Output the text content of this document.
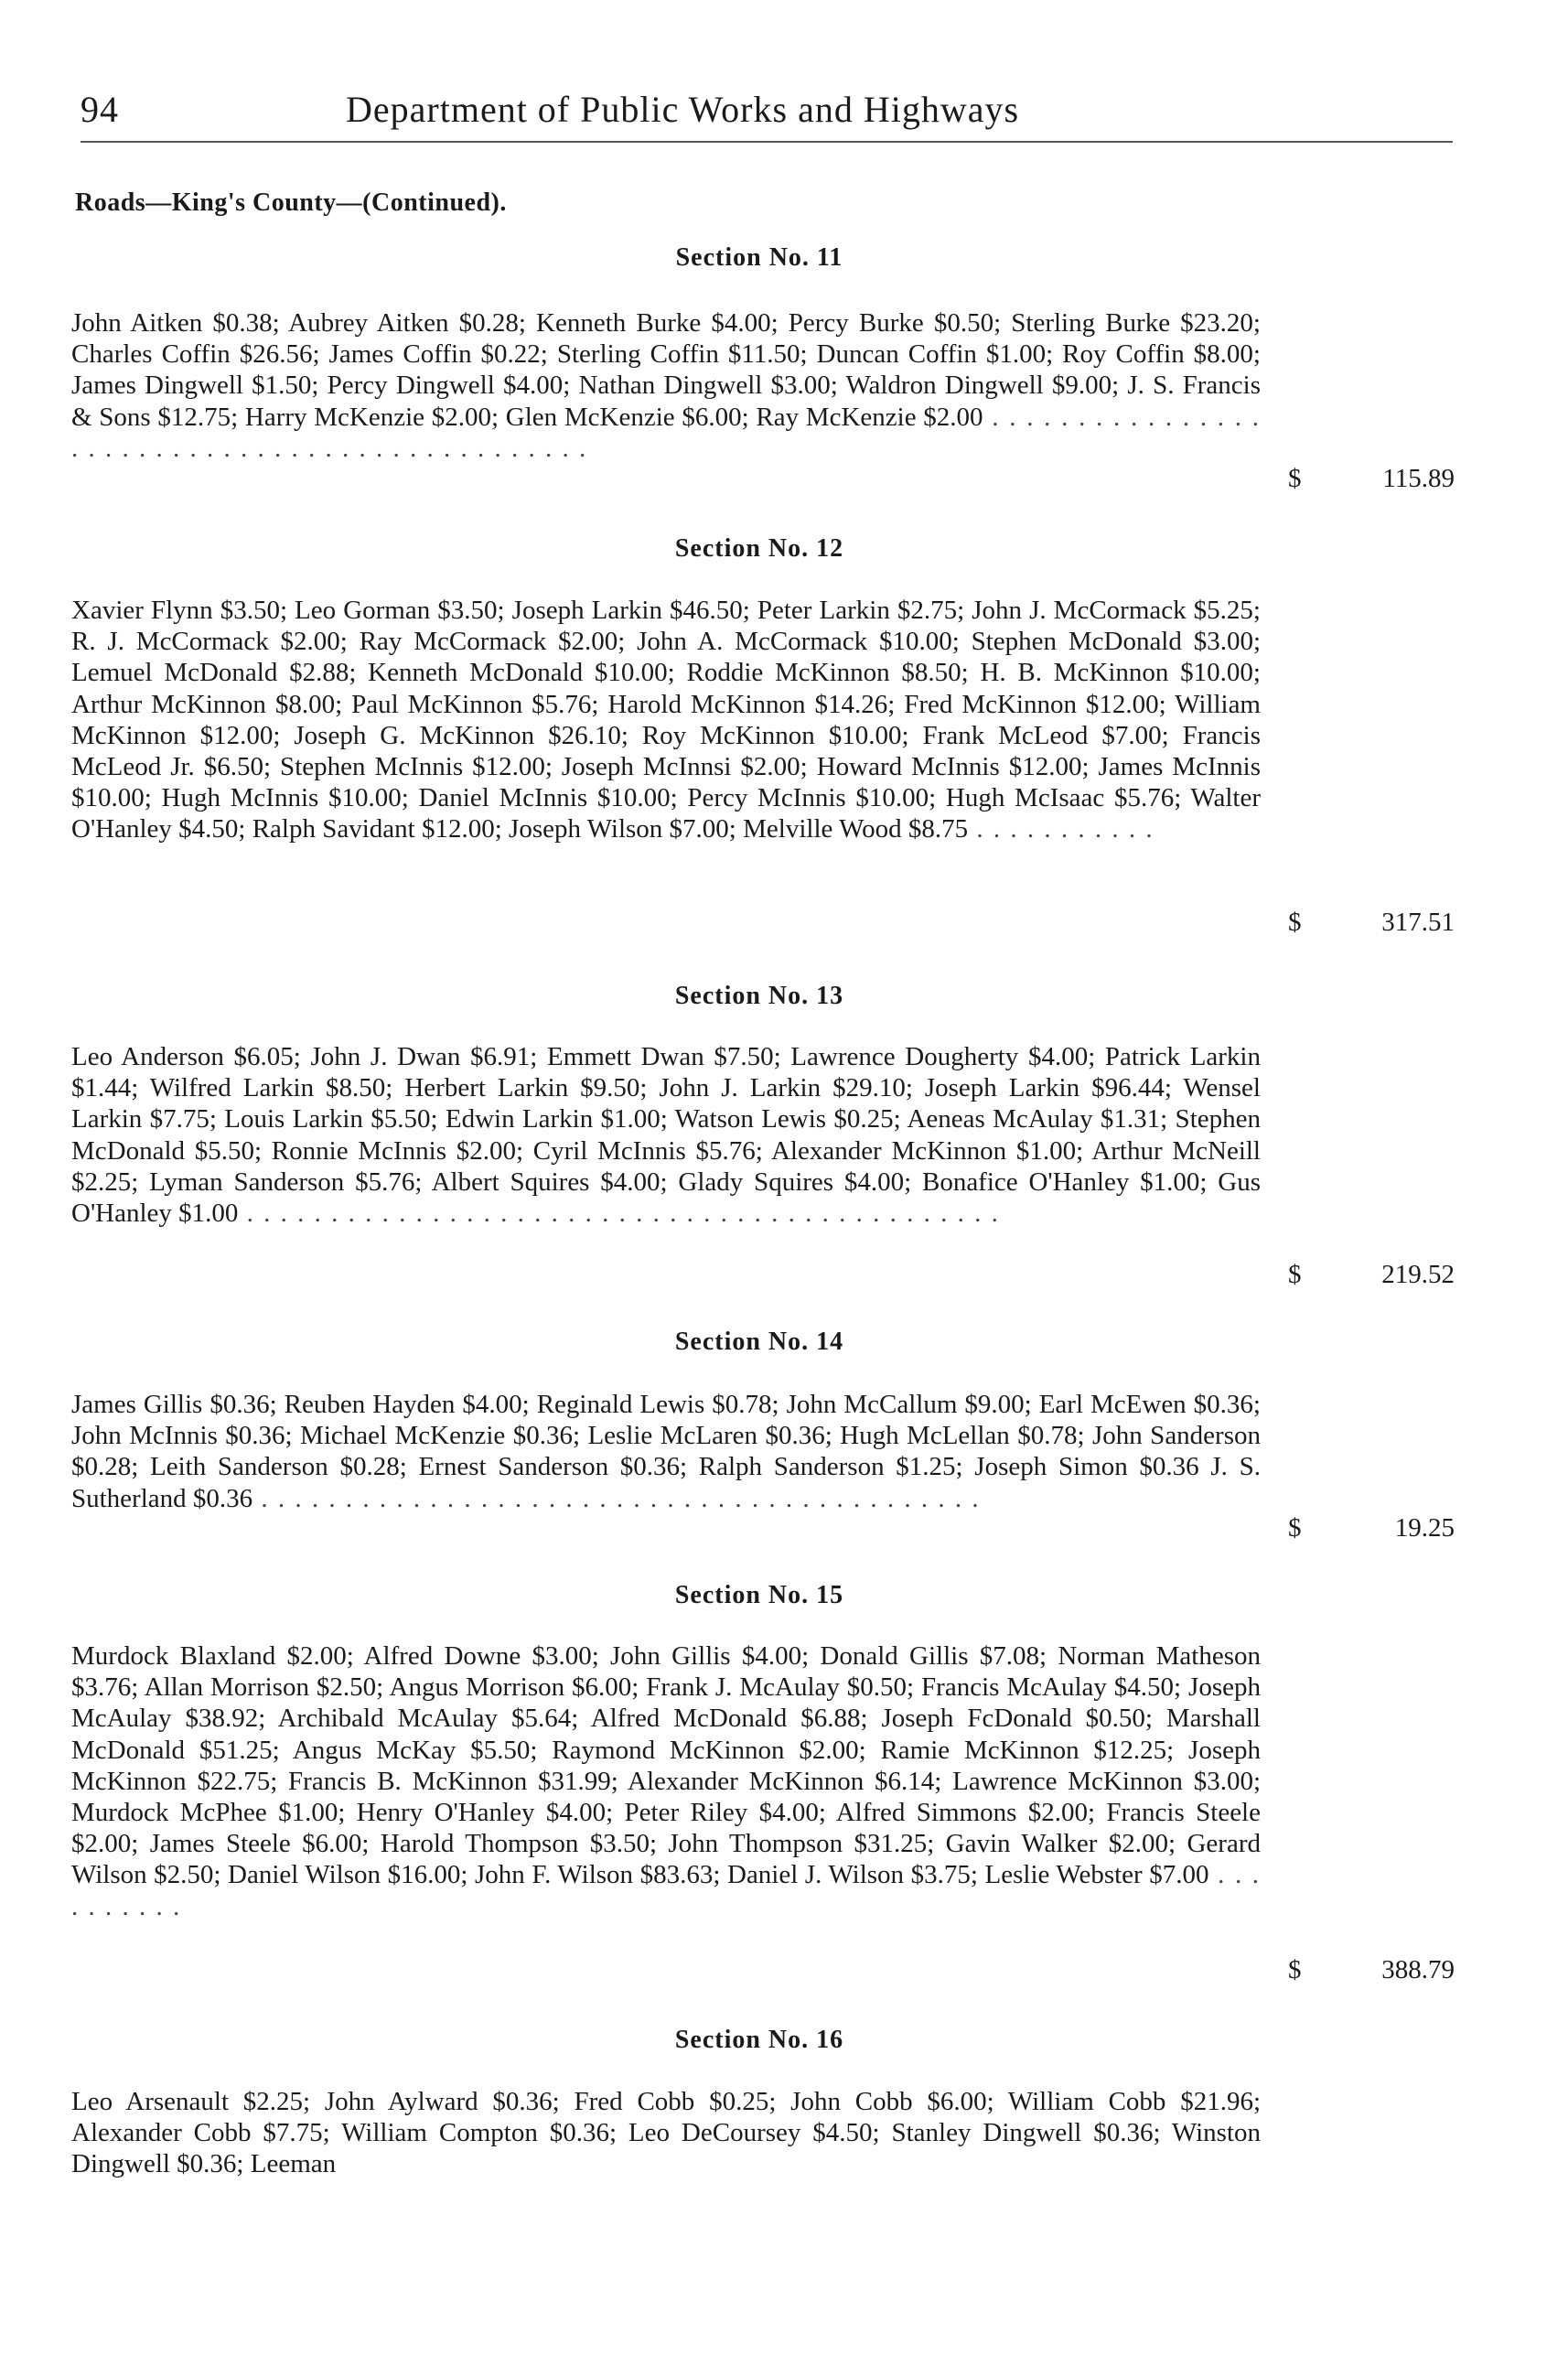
94	Department of Public Works and Highways
Roads—King's County—(Continued).
Section No. 11
John Aitken $0.38; Aubrey Aitken $0.28; Kenneth Burke $4.00; Percy Burke $0.50; Sterling Burke $23.20; Charles Coffin $26.56; James Coffin $0.22; Sterling Coffin $11.50; Duncan Coffin $1.00; Roy Coffin $8.00; James Dingwell $1.50; Percy Dingwell $4.00; Nathan Dingwell $3.00; Waldron Dingwell $9.00; J. S. Francis & Sons $12.75; Harry McKenzie $2.00; Glen McKenzie $6.00; Ray McKenzie $2.00 . . . . . . . . . . . . . . . . . . . . . . . . . . . . . . . . . . . . . . . . . . . . . . .
$	115.89
Section No. 12
Xavier Flynn $3.50; Leo Gorman $3.50; Joseph Larkin $46.50; Peter Larkin $2.75; John J. McCormack $5.25; R. J. McCormack $2.00; Ray McCormack $2.00; John A. McCormack $10.00; Stephen McDonald $3.00; Lemuel McDonald $2.88; Kenneth McDonald $10.00; Roddie McKinnon $8.50; H. B. McKinnon $10.00; Arthur McKinnon $8.00; Paul McKinnon $5.76; Harold McKinnon $14.26; Fred McKinnon $12.00; William McKinnon $12.00; Joseph G. McKinnon $26.10; Roy McKinnon $10.00; Frank McLeod $7.00; Francis McLeod Jr. $6.50; Stephen McInnis $12.00; Joseph McInnsi $2.00; Howard McInnis $12.00; James McInnis $10.00; Hugh McInnis $10.00; Daniel McInnis $10.00; Percy McInnis $10.00; Hugh McIsaac $5.76; Walter O'Hanley $4.50; Ralph Savidant $12.00; Joseph Wilson $7.00; Melville Wood $8.75 . . . . . . . . . . .
$	317.51
Section No. 13
Leo Anderson $6.05; John J. Dwan $6.91; Emmett Dwan $7.50; Lawrence Dougherty $4.00; Patrick Larkin $1.44; Wilfred Larkin $8.50; Herbert Larkin $9.50; John J. Larkin $29.10; Joseph Larkin $96.44; Wensel Larkin $7.75; Louis Larkin $5.50; Edwin Larkin $1.00; Watson Lewis $0.25; Aeneas McAulay $1.31; Stephen McDonald $5.50; Ronnie McInnis $2.00; Cyril McInnis $5.76; Alexander McKinnon $1.00; Arthur McNeill $2.25; Lyman Sanderson $5.76; Albert Squires $4.00; Glady Squires $4.00; Bonafice O'Hanley $1.00; Gus O'Hanley $1.00 . . . . . . . . . . . . . . . . . . . . . . . . . . . . . . . . . . . . . . . . . . . . .
$	219.52
Section No. 14
James Gillis $0.36; Reuben Hayden $4.00; Reginald Lewis $0.78; John McCallum $9.00; Earl McEwen $0.36; John McInnis $0.36; Michael McKenzie $0.36; Leslie McLaren $0.36; Hugh McLellan $0.78; John Sanderson $0.28; Leith Sanderson $0.28; Ernest Sanderson $0.36; Ralph Sanderson $1.25; Joseph Simon $0.36 J. S. Sutherland $0.36 . . . . . . . . . . . . . . . . . . . . . . . . . . . . . . . . . . . . . . . . . . .
$	19.25
Section No. 15
Murdock Blaxland $2.00; Alfred Downe $3.00; John Gillis $4.00; Donald Gillis $7.08; Norman Matheson $3.76; Allan Morrison $2.50; Angus Morrison $6.00; Frank J. McAulay $0.50; Francis McAulay $4.50; Joseph McAulay $38.92; Archibald McAulay $5.64; Alfred McDonald $6.88; Joseph FcDonald $0.50; Marshall McDonald $51.25; Angus McKay $5.50; Raymond McKinnon $2.00; Ramie McKinnon $12.25; Joseph McKinnon $22.75; Francis B. McKinnon $31.99; Alexander McKinnon $6.14; Lawrence McKinnon $3.00; Murdock McPhee $1.00; Henry O'Hanley $4.00; Peter Riley $4.00; Alfred Simmons $2.00; Francis Steele $2.00; James Steele $6.00; Harold Thompson $3.50; John Thompson $31.25; Gavin Walker $2.00; Gerard Wilson $2.50; Daniel Wilson $16.00; John F. Wilson $83.63; Daniel J. Wilson $3.75; Leslie Webster $7.00 . . . . . . . . . .
$	388.79
Section No. 16
Leo Arsenault $2.25; John Aylward $0.36; Fred Cobb $0.25; John Cobb $6.00; William Cobb $21.96; Alexander Cobb $7.75; William Compton $0.36; Leo DeCoursey $4.50; Stanley Dingwell $0.36; Winston Dingwell $0.36; Leeman
